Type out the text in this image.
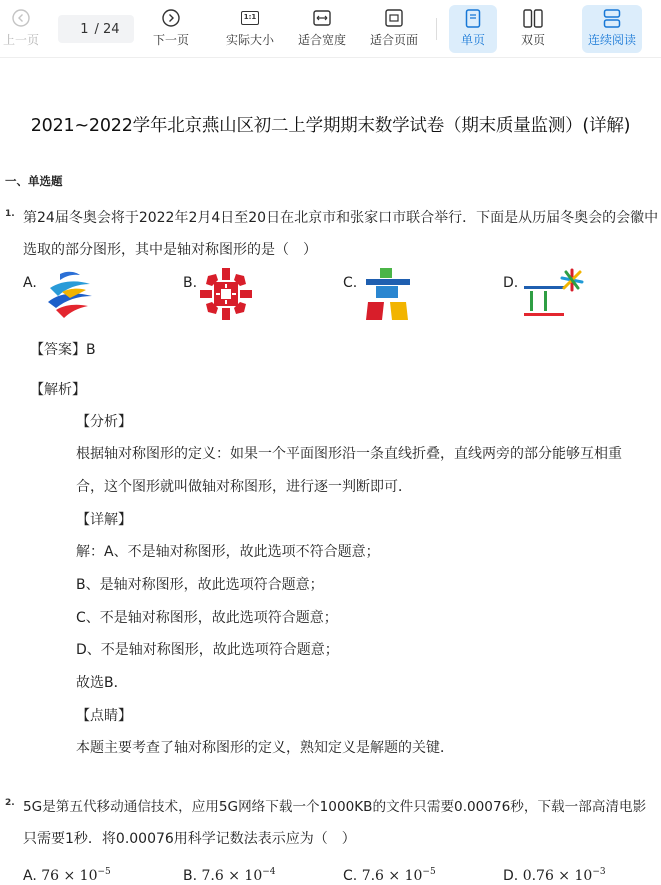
上一页
1
/ 24
下一页
1:1
实际大小 适合宽度 适合页面	单页	双页	连续阅读
2021~2022学年北京燕山区初二上学期期末数学试卷（期末质量监测）(详解)
一、单选题
1. 第24届冬奥会将于2022年2月4日至20日在北京市和张家口市联合举行．下面是从历届冬奥会的会徽中
选取的部分图形，其中是轴对称图形的是（　）
A.	B.	C.	D.
【答案】B
【解析】
【分析】
根据轴对称图形的定义：如果一个平面图形沿一条直线折叠，直线两旁的部分能够互相重
合，这个图形就叫做轴对称图形，进行逐一判断即可．
【详解】
解：A、不是轴对称图形，故此选项不符合题意；
B、是轴对称图形，故此选项符合题意；
C、不是轴对称图形，故此选项符合题意；
D、不是轴对称图形，故此选项符合题意；
故选B．
【点睛】
本题主要考查了轴对称图形的定义，熟知定义是解题的关键．
2. 5G是第五代移动通信技术，应用5G网络下载一个1000KB的文件只需要0.00076秒，下载一部高清电影
只需要1秒．将0.00076用科学记数法表示应为（　）
A. $76 \times 10^{-5}$	B. $7.6 \times 10^{-4}$	C. $7.6 \times 10^{-5}$	D. $0.76 \times 10^{-3}$
